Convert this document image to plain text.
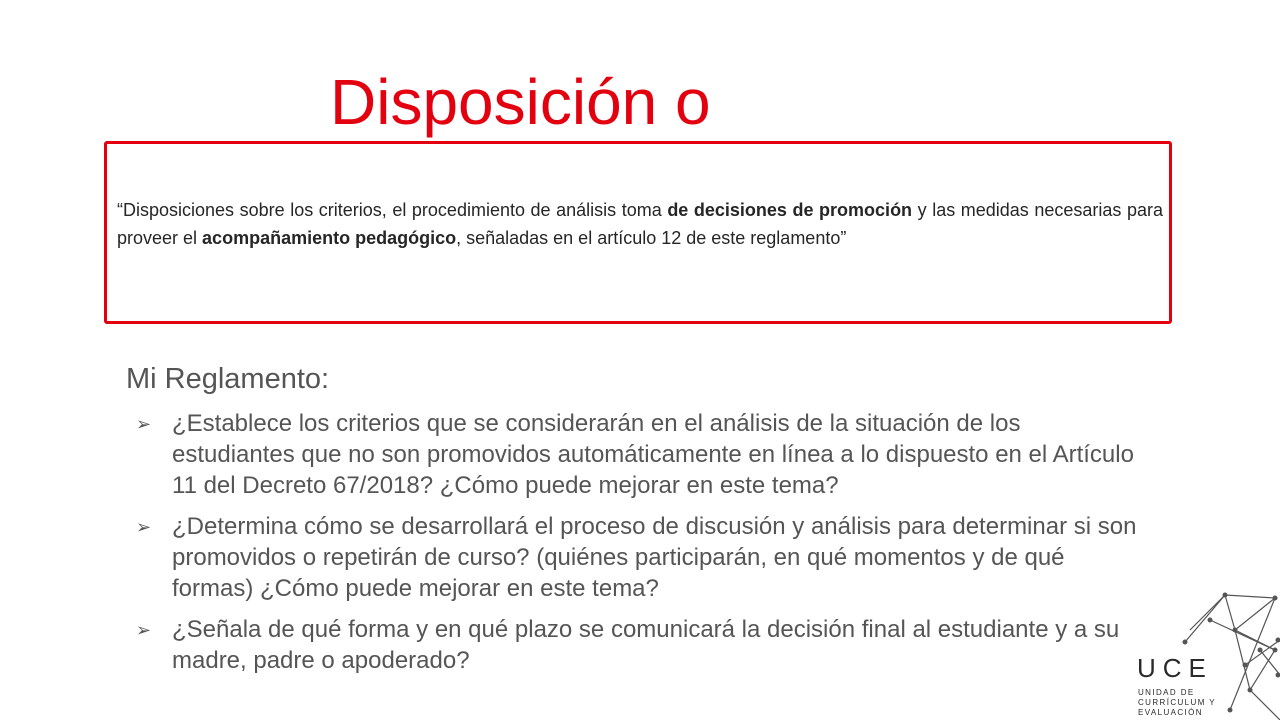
Disposición o
“Disposiciones sobre los criterios, el procedimiento de análisis toma de decisiones de promoción y las medidas necesarias para proveer el acompañamiento pedagógico, señaladas en el artículo 12 de este reglamento”
Mi Reglamento:
➢ ¿Establece los criterios que se considerarán en el análisis de la situación de los estudiantes que no son promovidos automáticamente en línea a lo dispuesto en el Artículo 11 del Decreto 67/2018? ¿Cómo puede mejorar en este tema?
➢ ¿Determina cómo se desarrollará el proceso de discusión y análisis para determinar si son promovidos o repetirán de curso? (quiénes participarán, en qué momentos y de qué formas) ¿Cómo puede mejorar en este tema?
➢ ¿Señala de qué forma y en qué plazo se comunicará la decisión final al estudiante y a su madre, padre o apoderado?	UCE
UNIDAD DE
CURRÍCULUM Y
EVALUACIÓN
